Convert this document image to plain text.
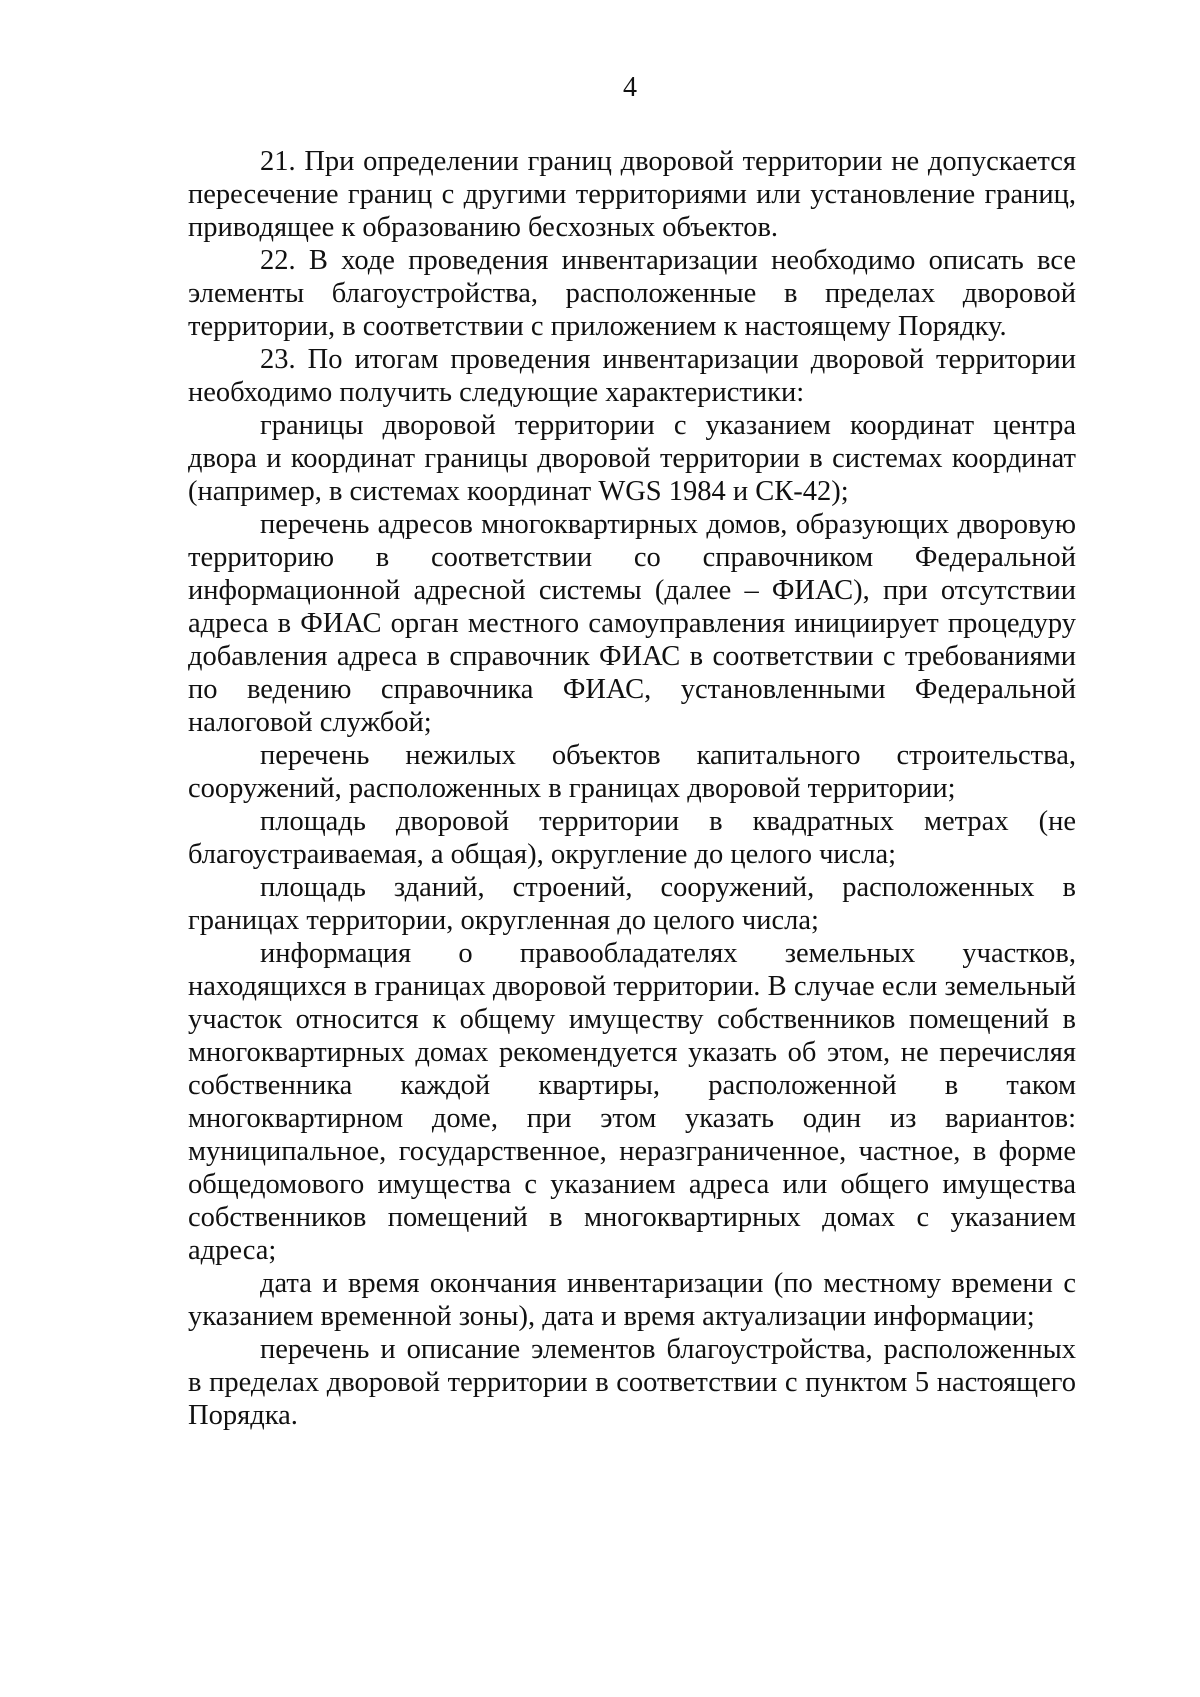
4

21. При определении границ дворовой территории не допускается пересечение границ с другими территориями или установление границ, приводящее к образованию бесхозных объектов.

22. В ходе проведения инвентаризации необходимо описать все элементы благоустройства, расположенные в пределах дворовой территории, в соответствии с приложением к настоящему Порядку.

23. По итогам проведения инвентаризации дворовой территории необходимо получить следующие характеристики:

границы дворовой территории с указанием координат центра двора и координат границы дворовой территории в системах координат (например, в системах координат WGS 1984 и СК-42);

перечень адресов многоквартирных домов, образующих дворовую территорию в соответствии со справочником Федеральной информационной адресной системы (далее – ФИАС), при отсутствии адреса в ФИАС орган местного самоуправления инициирует процедуру добавления адреса в справочник ФИАС в соответствии с требованиями по ведению справочника ФИАС, установленными Федеральной налоговой службой;

перечень нежилых объектов капитального строительства, сооружений, расположенных в границах дворовой территории;

площадь дворовой территории в квадратных метрах (не благоустраиваемая, а общая), округление до целого числа;

площадь зданий, строений, сооружений, расположенных в границах территории, округленная до целого числа;

информация о правообладателях земельных участков, находящихся в границах дворовой территории. В случае если земельный участок относится к общему имуществу собственников помещений в многоквартирных домах рекомендуется указать об этом, не перечисляя собственника каждой квартиры, расположенной в таком многоквартирном доме, при этом указать один из вариантов: муниципальное, государственное, неразграниченное, частное, в форме общедомового имущества с указанием адреса или общего имущества собственников помещений в многоквартирных домах с указанием адреса;

дата и время окончания инвентаризации (по местному времени с указанием временной зоны), дата и время актуализации информации;

перечень и описание элементов благоустройства, расположенных в пределах дворовой территории в соответствии с пунктом 5 настоящего Порядка.
